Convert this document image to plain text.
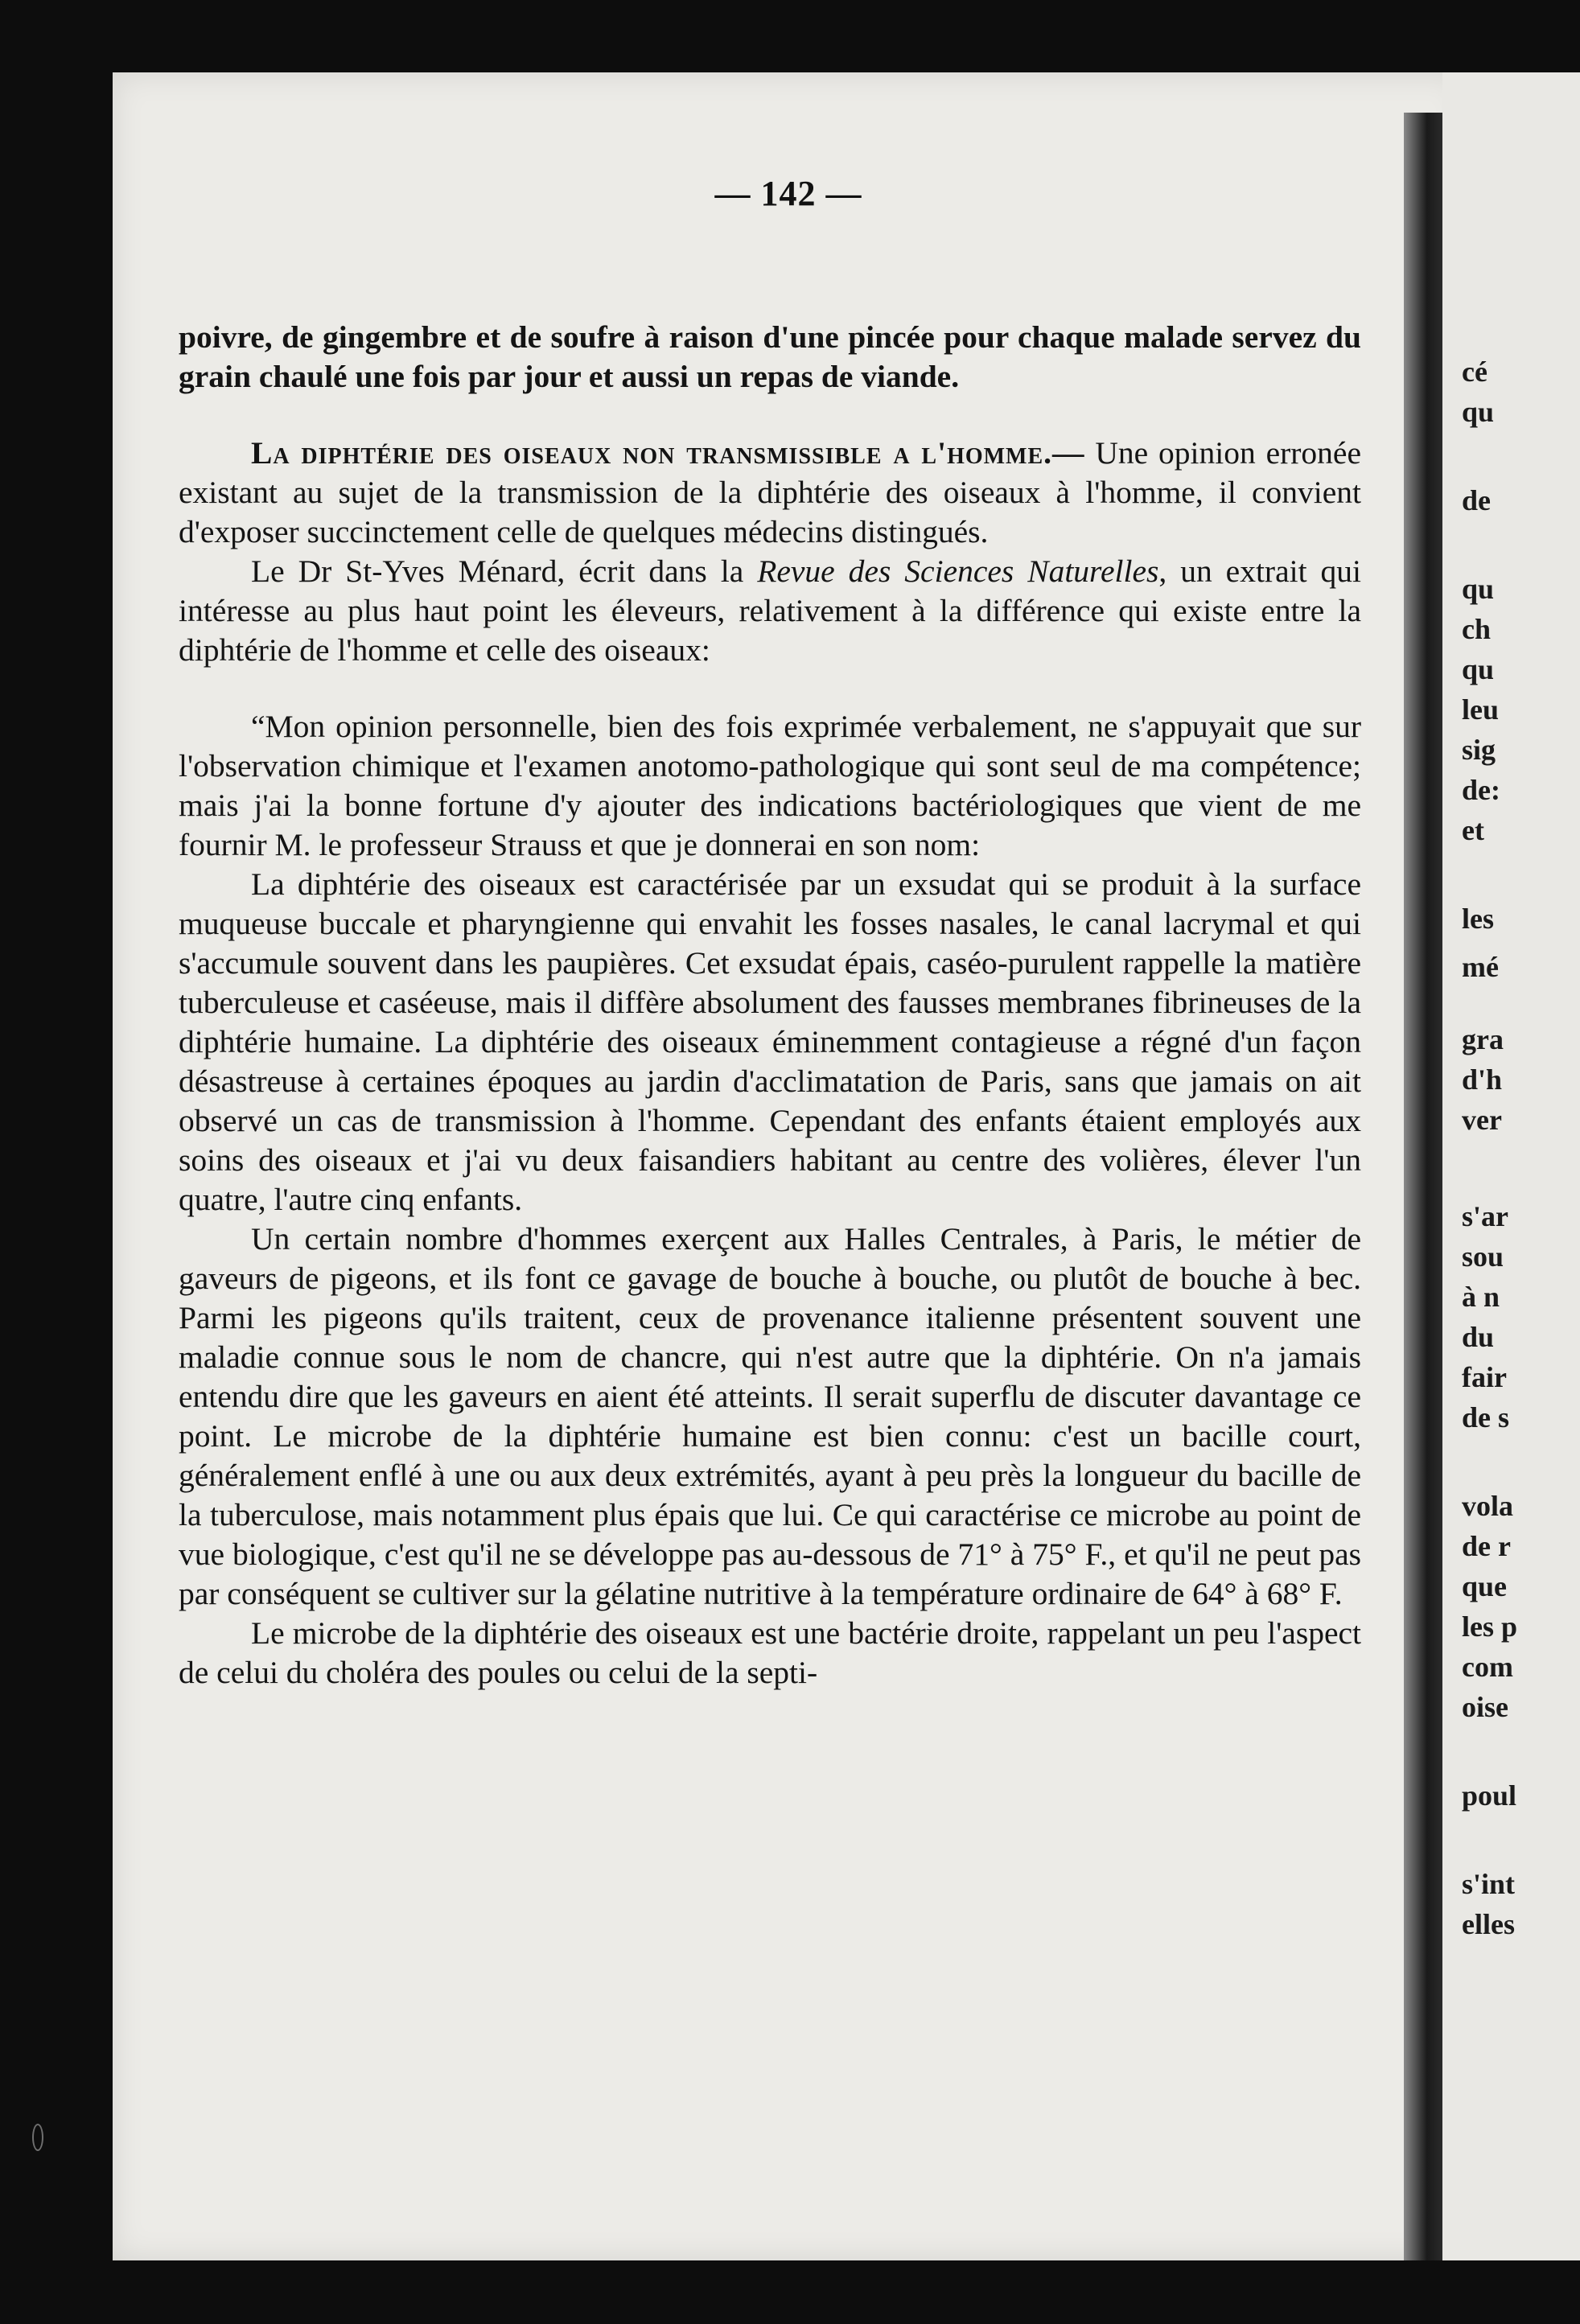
— 142 —
cé
qu
de
qu
ch
qu
leu
sig
de:
et
les
mé
gra
d'h
ver
s'ar
sou
à n
du
fair
de s
vola
de r
que
les p
com
oise
poul
s'int
elles

poivre, de gingembre et de soufre à raison d'une pincée pour chaque malade servez du grain chaulé une fois par jour et aussi un repas de viande.

La diphtérie des oiseaux non transmissible a l'homme.— Une opinion erronée existant au sujet de la transmission de la diphtérie des oiseaux à l'homme, il convient d'exposer succinctement celle de quelques médecins distingués.

Le Dr St-Yves Ménard, écrit dans la Revue des Sciences Naturelles, un extrait qui intéresse au plus haut point les éleveurs, relativement à la différence qui existe entre la diphtérie de l'homme et celle des oiseaux:

“Mon opinion personnelle, bien des fois exprimée verbalement, ne s'appuyait que sur l'observation chimique et l'examen anotomo-pathologique qui sont seul de ma compétence; mais j'ai la bonne fortune d'y ajouter des indications bactériologiques que vient de me fournir M. le professeur Strauss et que je donnerai en son nom:

La diphtérie des oiseaux est caractérisée par un exsudat qui se produit à la surface muqueuse buccale et pharyngienne qui envahit les fosses nasales, le canal lacrymal et qui s'accumule souvent dans les paupières. Cet exsudat épais, caséo-purulent rappelle la matière tuberculeuse et caséeuse, mais il diffère absolument des fausses membranes fibrineuses de la diphtérie humaine. La diphtérie des oiseaux éminemment contagieuse a régné d'un façon désastreuse à certaines époques au jardin d'acclimatation de Paris, sans que jamais on ait observé un cas de transmission à l'homme. Cependant des enfants étaient employés aux soins des oiseaux et j'ai vu deux faisandiers habitant au centre des volières, élever l'un quatre, l'autre cinq enfants.

Un certain nombre d'hommes exerçent aux Halles Centrales, à Paris, le métier de gaveurs de pigeons, et ils font ce gavage de bouche à bouche, ou plutôt de bouche à bec. Parmi les pigeons qu'ils traitent, ceux de provenance italienne présentent souvent une maladie connue sous le nom de chancre, qui n'est autre que la diphtérie. On n'a jamais entendu dire que les gaveurs en aient été atteints. Il serait superflu de discuter davantage ce point. Le microbe de la diphtérie humaine est bien connu: c'est un bacille court, généralement enflé à une ou aux deux extrémités, ayant à peu près la longueur du bacille de la tuberculose, mais notamment plus épais que lui. Ce qui caractérise ce microbe au point de vue biologique, c'est qu'il ne se développe pas au-dessous de 71° à 75° F., et qu'il ne peut pas par conséquent se cultiver sur la gélatine nutritive à la température ordinaire de 64° à 68° F.

Le microbe de la diphtérie des oiseaux est une bactérie droite, rappelant un peu l'aspect de celui du choléra des poules ou celui de la septi-
